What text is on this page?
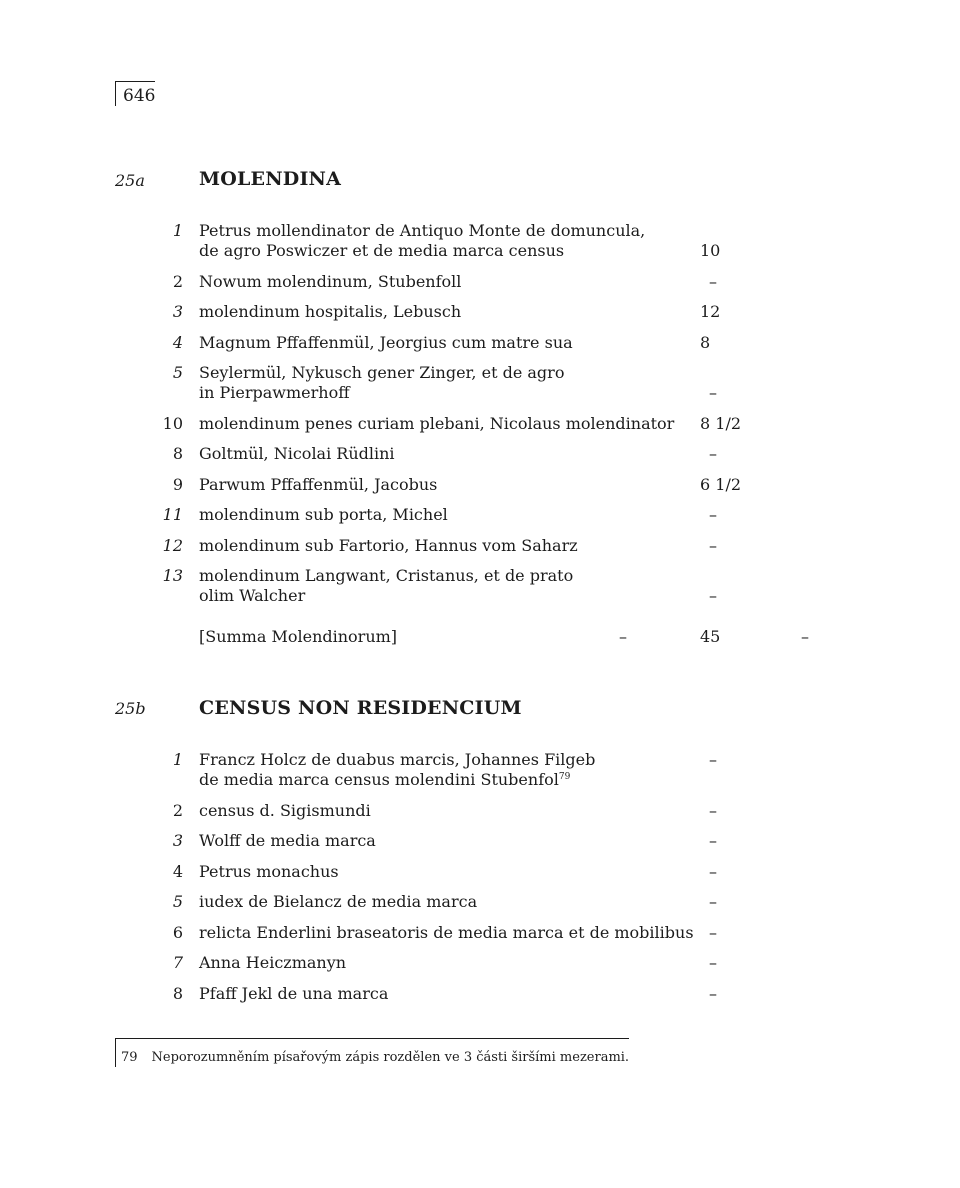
646
25a	MOLENDINA
1 Petrus mollendinator de Antiquo Monte de domuncula,
de agro Poswiczer et de media marca census	10
2 Nowum molendinum, Stubenfoll	–
3 molendinum hospitalis, Lebusch	12
4 Magnum Pffaffenmül, Jeorgius cum matre sua	8
5 Seylermül, Nykusch gener Zinger, et de agro
in Pierpawmerhoff	–
10 molendinum penes curiam plebani, Nicolaus molendinator 8 1/2
8 Goltmül, Nicolai Rüdlini	–
9 Parwum Pffaffenmül, Jacobus	6 1/2
11 molendinum sub porta, Michel	–
12 molendinum sub Fartorio, Hannus vom Saharz	–
13 molendinum Langwant, Cristanus, et de prato
olim Walcher	–
[Summa Molendinorum]	–	45	–
25b	CENSUS NON RESIDENCIUM
1 Francz Holcz de duabus marcis, Johannes Filgeb
de media marca census molendini Stubenfol$^{79}$
–
2 census d. Sigismundi	–
3 Wolff de media marca	–
4 Petrus monachus	–
5 iudex de Bielancz de media marca	–
6 relicta Enderlini braseatoris de media marca et de mobilibus –
7 Anna Heiczmanyn	–
8 Pfaff Jekl de una marca	–
79 Neporozumněním písařovým zápis rozdělen ve 3 části širšími mezerami.
